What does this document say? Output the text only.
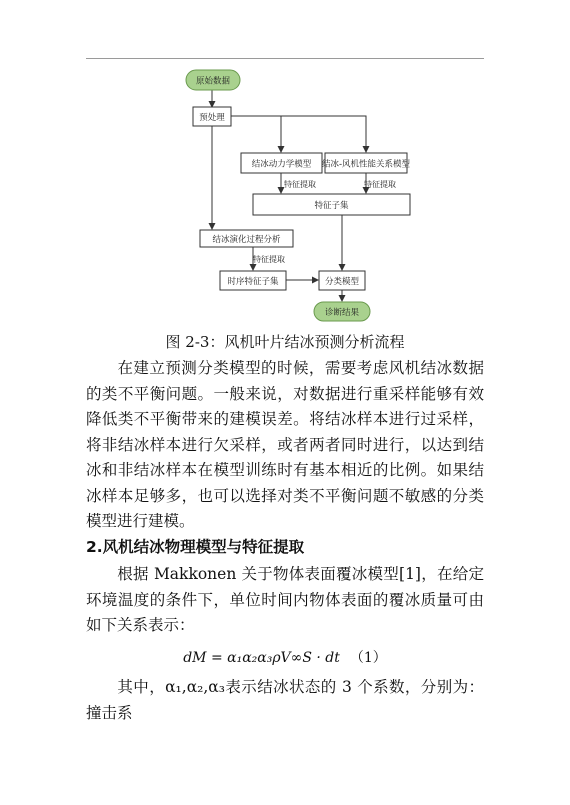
特征提取	特征提取
特征提取
原始数据
预处理
结冰动力学模型 结冰-风机性能关系模型
特征子集
结冰演化过程分析
时序特征子集	分类模型
诊断结果
图 2-3：风机叶片结冰预测分析流程
在建立预测分类模型的时候，需要考虑风机结冰数据的类不平衡问题。一般来说，对数据进行重采样能够有效降低类不平衡带来的建模误差。将结冰样本进行过采样，将非结冰样本进行欠采样，或者两者同时进行，以达到结冰和非结冰样本在模型训练时有基本相近的比例。如果结冰样本足够多，也可以选择对类不平衡问题不敏感的分类模型进行建模。
2.风机结冰物理模型与特征提取
根据 Makkonen 关于物体表面覆冰模型[1]，在给定环境温度的条件下，单位时间内物体表面的覆冰质量可由如下关系表示：
dM = α₁α₂α₃ρV∞S · dt （1）
其中，α₁,α₂,α₃表示结冰状态的 3 个系数，分别为：撞击系
